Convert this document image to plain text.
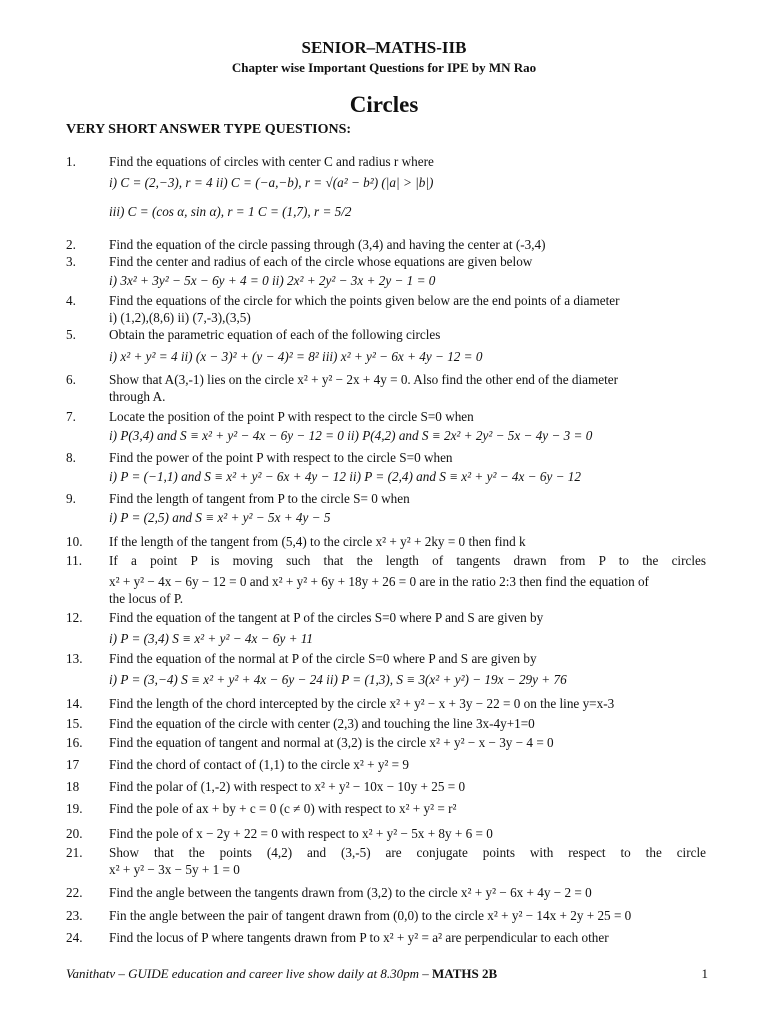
SENIOR–MATHS-IIB
Chapter wise Important Questions for IPE by MN Rao
Circles
VERY SHORT ANSWER TYPE QUESTIONS:
1.	Find the equations of circles with center C and radius r where
i) C = (2,−3), r = 4 ii) C = (−a,−b), r = √(a² − b²) (|a| > |b|)
iii) C = (cos α, sin α), r = 1 C = (1,7), r = 5/2
2.	Find the equation of the circle passing through (3,4) and having the center at (-3,4)
3.	Find the center and radius of each of the circle whose equations are given below
i) 3x² + 3y² − 5x − 6y + 4 = 0 ii) 2x² + 2y² − 3x + 2y − 1 = 0
4.	Find the equations of the circle for which the points given below are the end points of a diameter
i) (1,2),(8,6) ii) (7,-3),(3,5)
5.	Obtain the parametric equation of each of the following circles
i) x² + y² = 4 ii) (x − 3)² + (y − 4)² = 8² iii) x² + y² − 6x + 4y − 12 = 0
6.	Show that A(3,-1) lies on the circle x² + y² − 2x + 4y = 0. Also find the other end of the diameter
through A.
7.	Locate the position of the point P with respect to the circle S=0 when
i) P(3,4) and S ≡ x² + y² − 4x − 6y − 12 = 0 ii) P(4,2) and S ≡ 2x² + 2y² − 5x − 4y − 3 = 0
8.	Find the power of the point P with respect to the circle S=0 when
i) P = (−1,1) and S ≡ x² + y² − 6x + 4y − 12 ii) P = (2,4) and S ≡ x² + y² − 4x − 6y − 12
9.	Find the length of tangent from P to the circle S= 0 when
i) P = (2,5) and S ≡ x² + y² − 5x + 4y − 5
10.	If the length of the tangent from (5,4) to the circle x² + y² + 2ky = 0 then find k
11.	If a point P is moving such that the length of tangents drawn from P to the circles
x² + y² − 4x − 6y − 12 = 0 and x² + y² + 6y + 18y + 26 = 0 are in the ratio 2:3 then find the equation of
the locus of P.
12.	Find the equation of the tangent at P of the circles S=0 where P and S are given by
i) P = (3,4) S ≡ x² + y² − 4x − 6y + 11
13.	Find the equation of the normal at P of the circle S=0 where P and S are given by
i) P = (3,−4) S ≡ x² + y² + 4x − 6y − 24 ii) P = (1,3), S ≡ 3(x² + y²) − 19x − 29y + 76
14.	Find the length of the chord intercepted by the circle x² + y² − x + 3y − 22 = 0 on the line y=x-3
15.	Find the equation of the circle with center (2,3) and touching the line 3x-4y+1=0
16.	Find the equation of tangent and normal at (3,2) is the circle x² + y² − x − 3y − 4 = 0
17	Find the chord of contact of (1,1) to the circle x² + y² = 9
18	Find the polar of (1,-2) with respect to x² + y² − 10x − 10y + 25 = 0
19.	Find the pole of ax + by + c = 0 (c ≠ 0) with respect to x² + y² = r²
20.	Find the pole of x − 2y + 22 = 0 with respect to x² + y² − 5x + 8y + 6 = 0
21.	Show that the points (4,2) and (3,-5) are conjugate points with respect to the circle
x² + y² − 3x − 5y + 1 = 0
22.	Find the angle between the tangents drawn from (3,2) to the circle x² + y² − 6x + 4y − 2 = 0
23.	Fin the angle between the pair of tangent drawn from (0,0) to the circle x² + y² − 14x + 2y + 25 = 0
24.	Find the locus of P where tangents drawn from P to x² + y² = a² are perpendicular to each other
Vanithatv – GUIDE education and career live show daily at 8.30pm – MATHS 2B	1
